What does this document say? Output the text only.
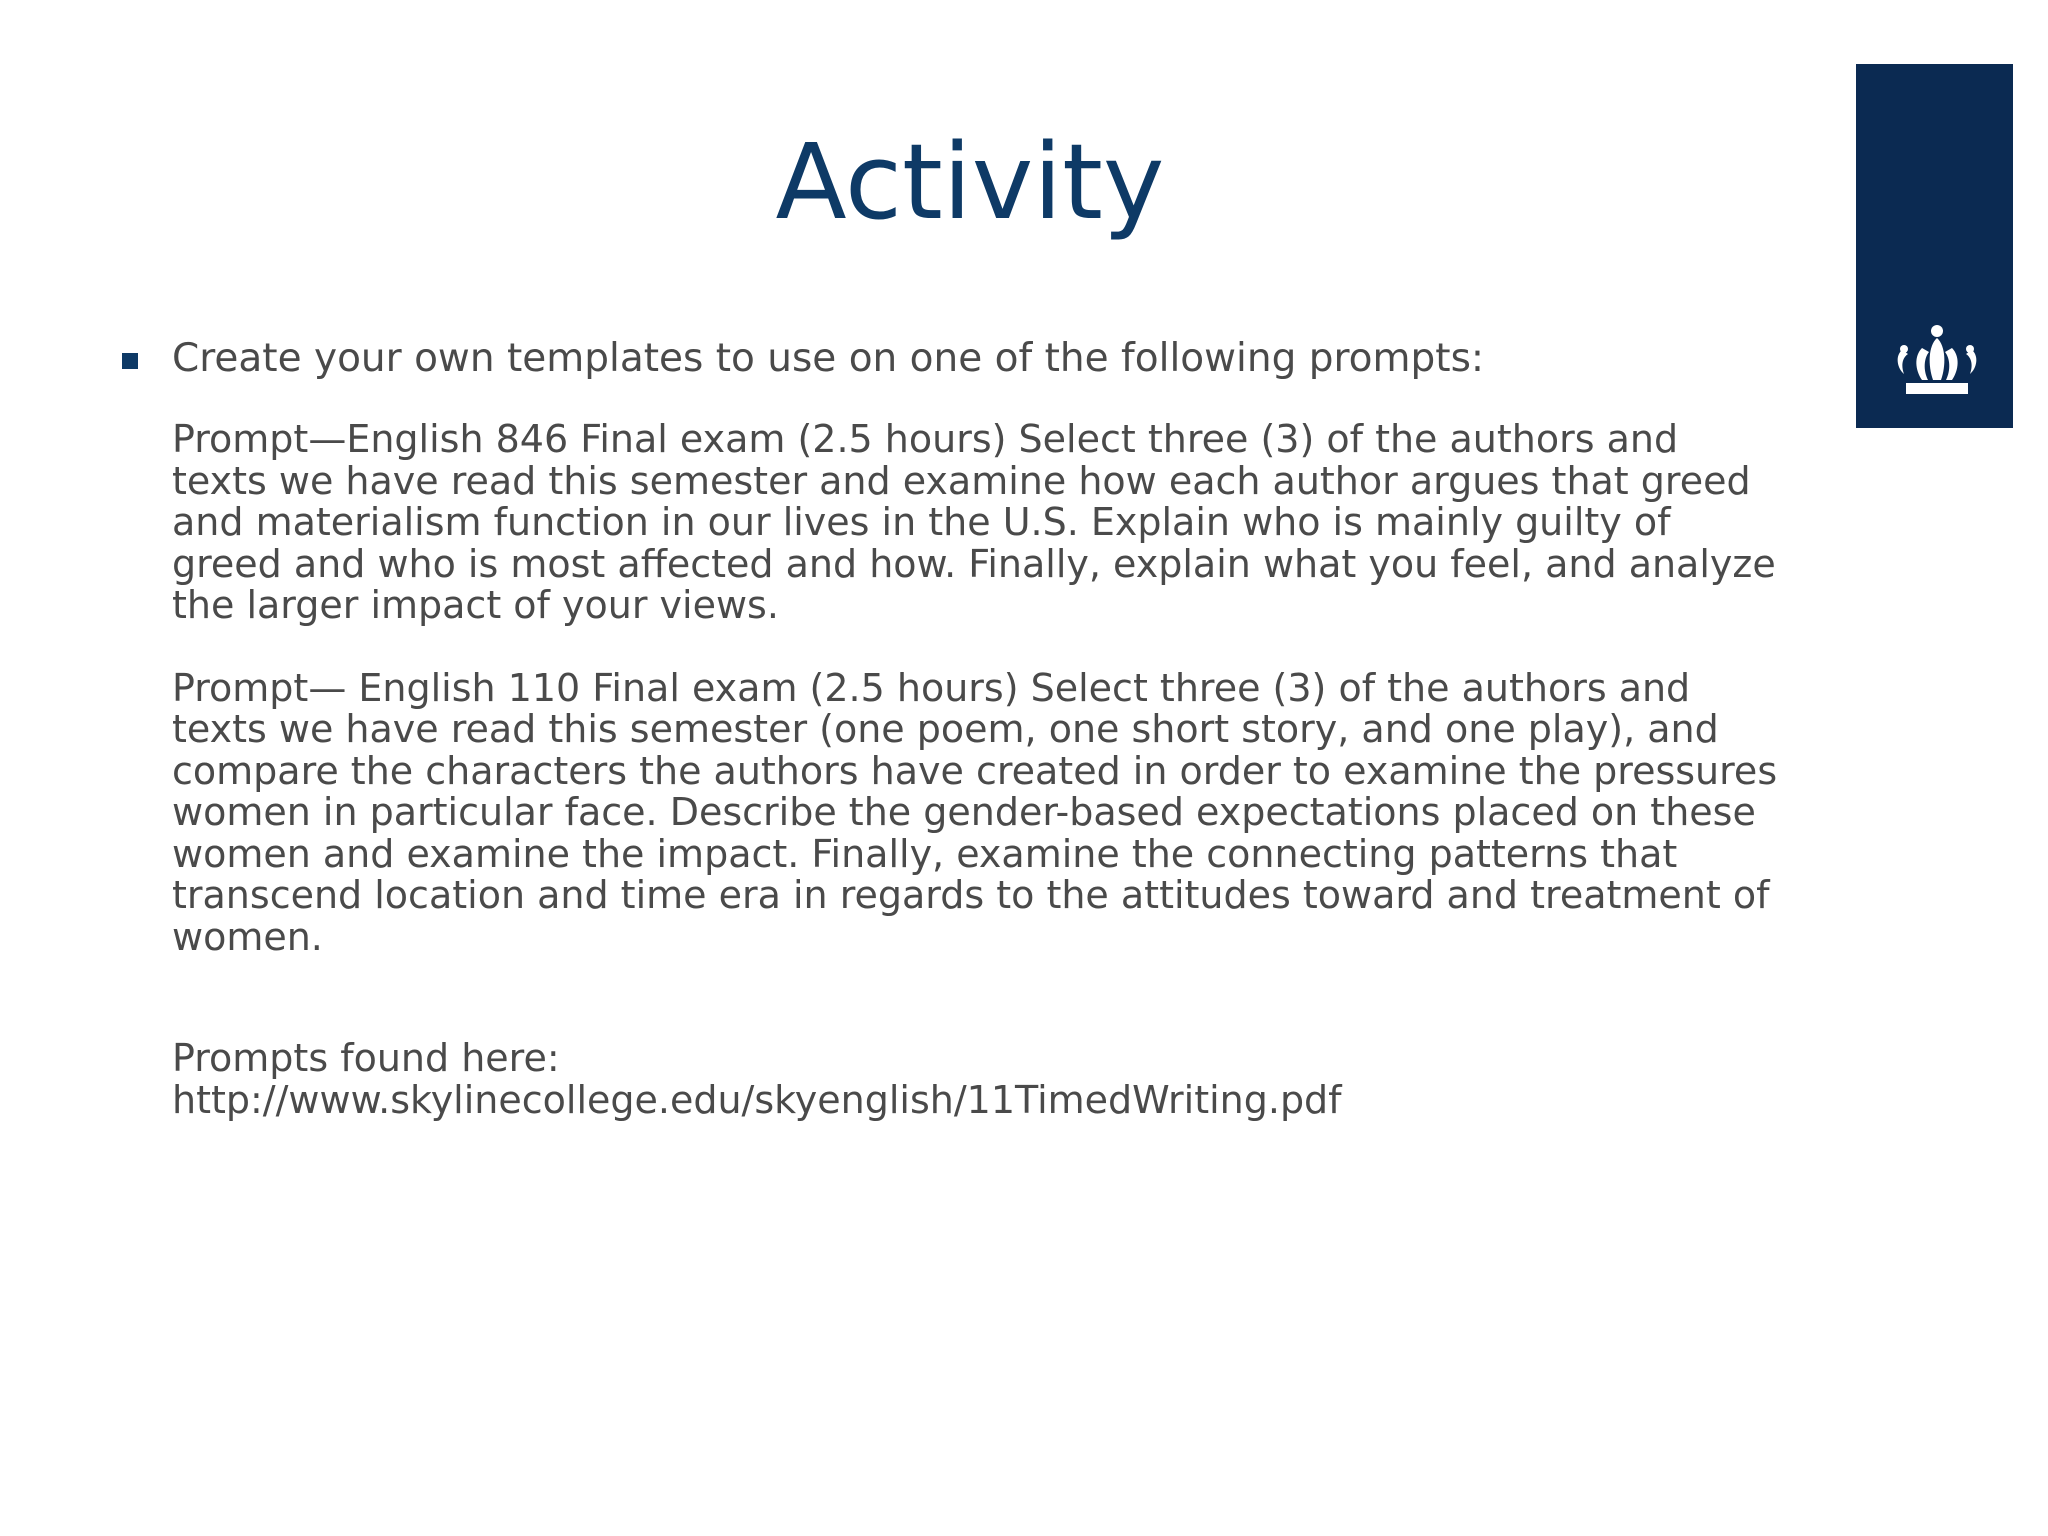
Activity

Create your own templates to use on one of the following prompts:

Prompt—English 846 Final exam (2.5 hours) Select three (3) of the authors and texts we have read this semester and examine how each author argues that greed and materialism function in our lives in the U.S. Explain who is mainly guilty of greed and who is most affected and how. Finally, explain what you feel, and analyze the larger impact of your views.

Prompt— English 110 Final exam (2.5 hours) Select three (3) of the authors and texts we have read this semester (one poem, one short story, and one play), and compare the characters the authors have created in order to examine the pressures women in particular face. Describe the gender-based expectations placed on these women and examine the impact. Finally, examine the connecting patterns that transcend location and time era in regards to the attitudes toward and treatment of women.

Prompts found here:
http://www.skylinecollege.edu/skyenglish/11TimedWriting.pdf
